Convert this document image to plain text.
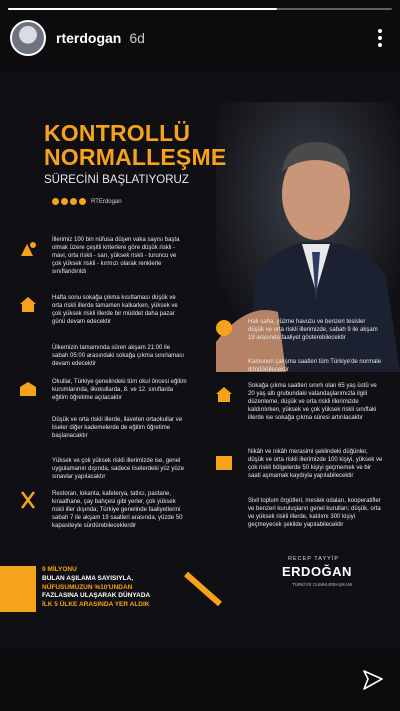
rterdogan 6d
KONTROLLÜ
NORMALLEŞME
SÜRECİNİ BAŞLATIYORUZ
RTErdogan
İllerimiz 100 bin nüfusa düşen vaka sayısı başta olmak üzere çeşitli kriterlere göre düşük riskli - mavi, orta riskli - sarı, yüksek riskli - turuncu ve çok yüksek riskli - kırmızı olarak renklerle sınıflandırıldı
Hafta sonu sokağa çıkma kısıtlaması düşük ve orta riskli illerde tamamen kalkarken, yüksek ve çok yüksek riskli illerde bir müddet daha pazar günü devam edecektir
Ülkemizin tamamında süren akşam 21:00 ile sabah 05:00 arasındaki sokağa çıkma sınırlaması devam edecektir
Okullar, Türkiye genelindeki tüm okul öncesi eğitim kurumlarında, ilkokullarda, 8. ve 12. sınıflarda eğitim öğretime açılacaktır
Düşük ve orta riskli illerde, ilaveten ortaokullar ve liseler diğer kademelerde de eğitim öğretime başlanacaktır
Yüksek ve çok yüksek riskli illerimizde ise, genel uygulamanın dışında, sadece liselerdeki yüz yüze sınavlar yapılacaktır
Restoran, lokanta, kafeterya, tatlıcı, pastane, kıraathane, çay bahçesi gibi yerler, çok yüksek riskli iller dışında; Türkiye genelinde faaliyetlerini sabah 7 ile akşam 19 saatleri arasında, yüzde 50 kapasiteyle sürdürebileceklerdir
Halı saha, yüzme havuzu ve benzeri tesisler düşük ve orta riskli illerimizde, sabah 9 ile akşam 19 arasında faaliyet gösterebilecektir
Kamunun çalışma saatleri tüm Türkiye'de normale döndürülecektir
Sokağa çıkma saatleri sınırlı olan 65 yaş üstü ve 20 yaş altı grubundaki vatandaşlarımızla ilgili düzenleme, düşük ve orta riskli illerimizde kaldırılırken, yüksek ve çok yüksek riskli sınıftaki illerde ise sokağa çıkma süresi artırılacaktır
Nikâh ve nikâh merasimi şeklindeki düğünler, düşük ve orta riskli illerimizde 100 kişiyi, yüksek ve çok riskli bölgelerde 50 kişiyi geçmemek ve bir saati aşmamak kaydıyla yapılabilecektir
Sivil toplum örgütleri, meslek odaları, kooperatifler ve benzeri kuruluşların genel kurulları; düşük, orta ve yüksek riskli illerde, katılımı 300 kişiyi geçmeyecek şekilde yapılabilecektir
9 MİLYONU
BULAN AŞILAMA SAYISIYLA,
NÜFUSUMUZUN %10'UNDAN
FAZLASINA ULAŞARAK DÜNYADA
İLK 5 ÜLKE ARASINDA YER ALDIK
RECEP TAYYİP
ERDOĞAN
TÜRKİYE CUMHURBAŞKANI
